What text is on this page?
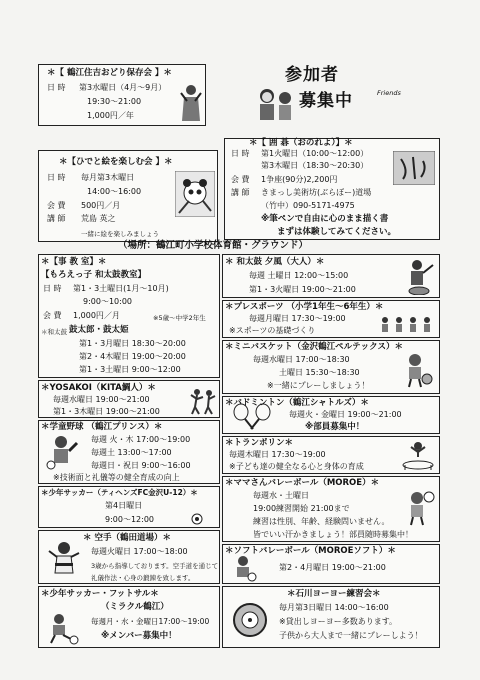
＊【 鶴江住吉おどり保存会 】＊
日 時 第3水曜日（4月〜9月）
19:30〜21:00
1,000円／年
参加者
募集中	Friends
＊【 囲 碁（おのれよ）】＊
日 時 第1火曜日（10:00〜12:00）
第3木曜日（18:30〜20:30）
会 費 1争座(90分)2,200円
講 師 きまっし美術坊(ぶらぼー)道場
（竹中）090-5171-4975
※筆ペンで自由に心のまま描く書
まずは体験してみてください。
＊【ひでと絵を楽しむ会 】＊
日 時 毎月第3木曜日
14:00〜16:00
会 費 500円／月
講 師 荒島 英之
一緒に絵を楽しみましょう
（場所：鶴江町小学校体育館・グラウンド）
＊【事 教 室】＊
【もろえっ子 和太鼓教室】
日 時 第1・3土曜日(1月〜10月)
9:00〜10:00
会 費 1,000円／月	※5歳〜中学2年生
＊和太鼓 鼓太郎・鼓太姫
第1・3月曜日 18:30〜20:00
第2・4木曜日 19:00〜20:00
第1・3土曜日 9:00〜12:00
＊YOSAKOI（KITA鯛人）＊
毎週水曜日 19:00〜21:00
第1・3木曜日 19:00〜21:00
＊学童野球 （鶴江プリンス）＊
毎週 火・木 17:00〜19:00
毎週土 13:00〜17:00
毎週日・祝日 9:00〜16:00
※技術面と礼儀等の健全育成の向上
＊少年サッカー（ティヘンズFC金沢U-12）＊
第4日曜日
9:00〜12:00
＊ 空手（鶴田道場）＊
毎週火曜日 17:00〜18:00
3歳から指導しております。空手道を通じて
礼儀作法・心身の鍛錬を致します。
＊少年サッカー・フットサル＊
（ミラクル鶴江）
毎週月・水・金曜日17:00〜19:00
※メンバー募集中！
＊ 和太鼓 夕風（大人）＊
毎週 土曜日 12:00〜15:00
第1・3火曜日 19:00〜21:00
＊プレスポーツ （小学1年生〜6年生）＊
毎週月曜日 17:30〜19:00
※スポーツの基礎づくり
＊ミニバスケット（金沢鶴江ペルテックス）＊
毎週水曜日 17:00〜18:30
土曜日 15:30〜18:30
※一緒にプレーしましょう！
＊バドミントン（鶴江シャトルズ）＊
毎週火・金曜日 19:00〜21:00
※部員募集中！
＊トランポリン＊
毎週木曜日 17:30〜19:00
※子ども達の健全なる心と身体の育成
＊ママさんバレーボール（MOROE）＊
毎週水・土曜日
19:00練習開始 21:00まで
練習は性別、年齢、経験問いません。
皆でいい汗かきましょう！部員随時募集中！
＊ソフトバレーボール（MOROEソフト）＊
第2・4月曜日 19:00〜21:00
＊石川ヨーヨー練習会＊
毎月第3日曜日 14:00〜16:00
※貸出しヨーヨー多数あります。
子供から大人まで一緒にプレーしよう！
